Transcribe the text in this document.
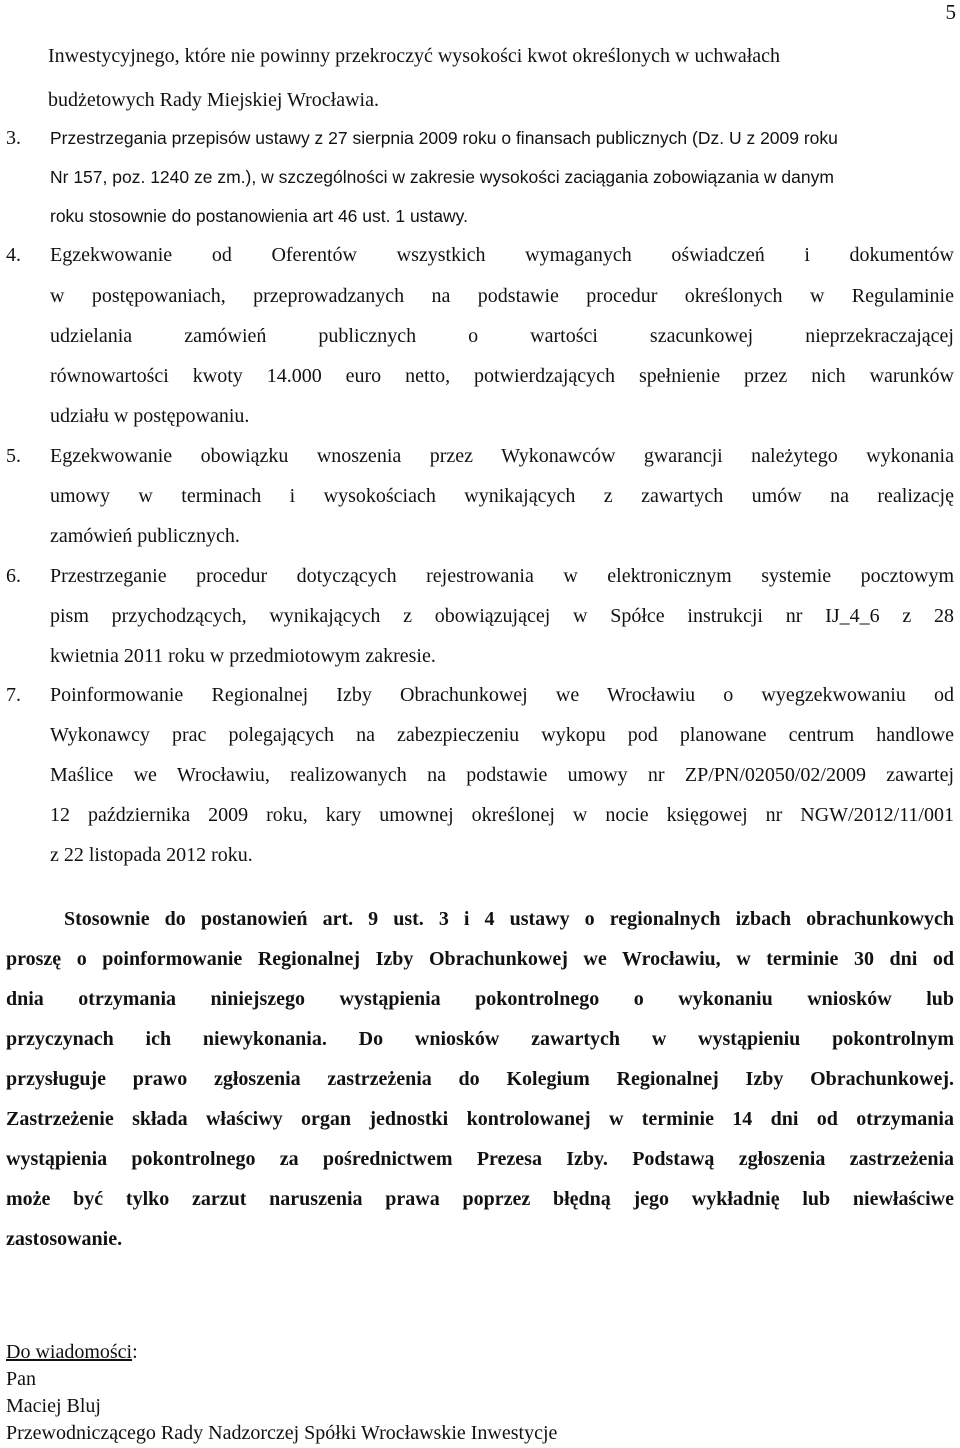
5
Inwestycyjnego, które nie powinny przekroczyć wysokości kwot określonych w uchwałach
budżetowych Rady Miejskiej Wrocławia.
3. Przestrzegania przepisów ustawy z 27 sierpnia 2009 roku o finansach publicznych (Dz. U z 2009 roku
Nr 157, poz. 1240 ze zm.), w szczególności w zakresie wysokości zaciągania zobowiązania w danym
roku stosownie do postanowienia art 46 ust. 1 ustawy.
4. Egzekwowanie od Oferentów wszystkich wymaganych oświadczeń i dokumentów
w postępowaniach, przeprowadzanych na podstawie procedur określonych w Regulaminie
udzielania zamówień publicznych o wartości szacunkowej nieprzekraczającej
równowartości kwoty 14.000 euro netto, potwierdzających spełnienie przez nich warunków
udziału w postępowaniu.
5. Egzekwowanie obowiązku wnoszenia przez Wykonawców gwarancji należytego wykonania
umowy w terminach i wysokościach wynikających z zawartych umów na realizację
zamówień publicznych.
6. Przestrzeganie procedur dotyczących rejestrowania w elektronicznym systemie pocztowym
pism przychodzących, wynikających z obowiązującej w Spółce instrukcji nr IJ_4_6 z 28
kwietnia 2011 roku w przedmiotowym zakresie.
7. Poinformowanie Regionalnej Izby Obrachunkowej we Wrocławiu o wyegzekwowaniu od
Wykonawcy prac polegających na zabezpieczeniu wykopu pod planowane centrum handlowe
Maślice we Wrocławiu, realizowanych na podstawie umowy nr ZP/PN/02050/02/2009 zawartej
12 października 2009 roku, kary umownej określonej w nocie księgowej nr NGW/2012/11/001
z 22 listopada 2012 roku.
Stosownie do postanowień art. 9 ust. 3 i 4 ustawy o regionalnych izbach obrachunkowych
proszę o poinformowanie Regionalnej Izby Obrachunkowej we Wrocławiu, w terminie 30 dni od
dnia otrzymania niniejszego wystąpienia pokontrolnego o wykonaniu wniosków lub
przyczynach ich niewykonania. Do wniosków zawartych w wystąpieniu pokontrolnym
przysługuje prawo zgłoszenia zastrzeżenia do Kolegium Regionalnej Izby Obrachunkowej.
Zastrzeżenie składa właściwy organ jednostki kontrolowanej w terminie 14 dni od otrzymania
wystąpienia pokontrolnego za pośrednictwem Prezesa Izby. Podstawą zgłoszenia zastrzeżenia
może być tylko zarzut naruszenia prawa poprzez błędną jego wykładnię lub niewłaściwe
zastosowanie.
Do wiadomości:
Pan
Maciej Bluj
Przewodniczącego Rady Nadzorczej Spółki Wrocławskie Inwestycje
